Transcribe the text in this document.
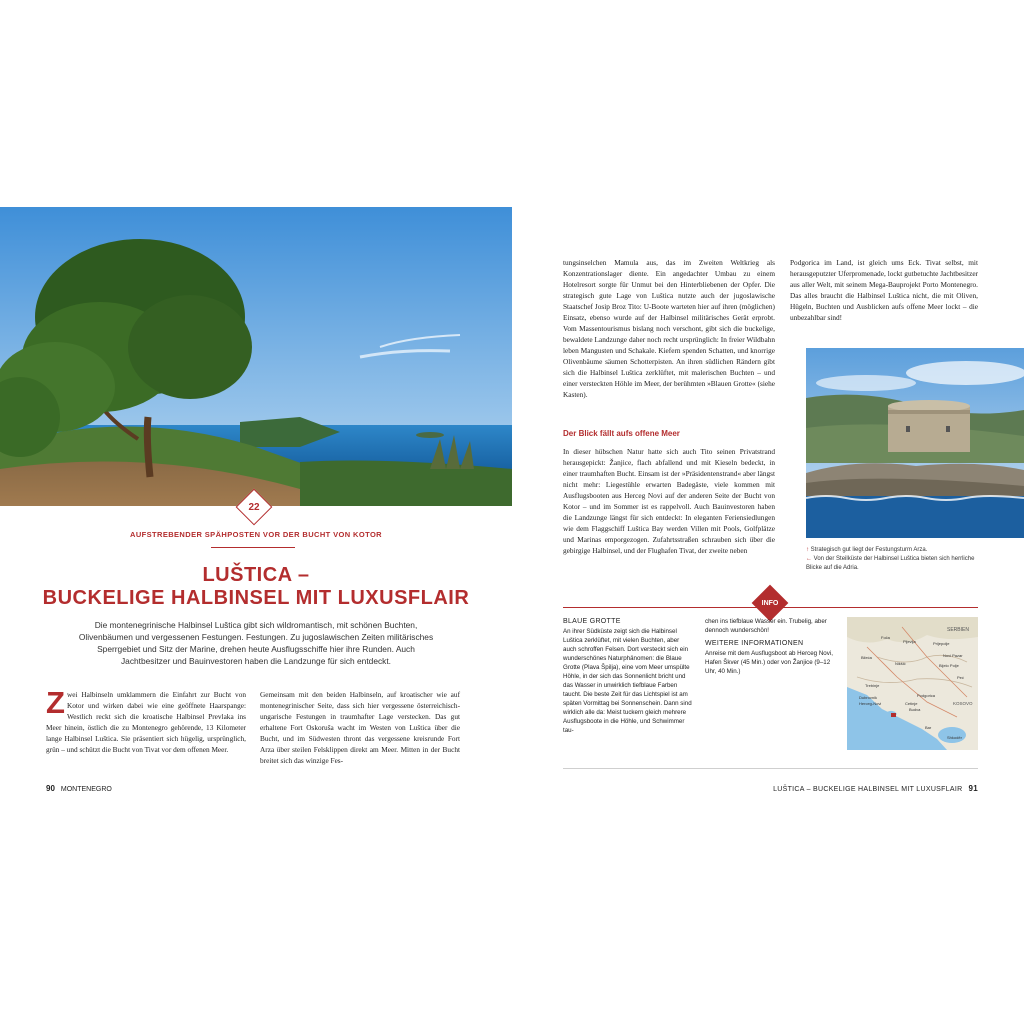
22
AUFSTREBENDER SPÄHPOSTEN VOR DER BUCHT VON KOTOR
LUŠTICA –
BUCKELIGE HALBINSEL MIT LUXUSFLAIR
Die montenegrinische Halbinsel Luštica gibt sich wildromantisch, mit schönen Buchten, Olivenbäumen und vergessenen Festungen. Festungen. Zu jugoslawischen Zeiten militärisches Sperrgebiet und Sitz der Marine, drehen heute Ausflugsschiffe hier ihre Runden. Auch Jachtbesitzer und Bauinvestoren haben die Landzunge für sich entdeckt.
Z wei Halbinseln umklammern die Einfahrt zur Bucht von Kotor und wirken dabei wie eine geöffnete Haarspange: Westlich reckt sich die kroatische Halbinsel Prevlaka ins Meer hinein, östlich die zu Montenegro gehörende, 13 Kilometer lange Halbinsel Luštica. Sie präsentiert sich hügelig, ursprünglich, grün – und schützt die Bucht von Tivat vor dem offenen Meer.
Gemeinsam mit den beiden Halbinseln, auf kroatischer wie auf montenegrinischer Seite, dass sich hier vergessene österreichisch-ungarische Festungen in traumhafter Lage verstecken. Das gut erhaltene Fort Oskoruša wacht im Westen von Luštica über die Bucht, und im Südwesten thront das vergessene kreisrunde Fort Arza über steilen Felsklippen direkt am Meer. Mitten in der Bucht breitet sich das winzige Fes-
90 MONTENEGRO
tungsinselchen Mamula aus, das im Zweiten Weltkrieg als Konzentrationslager diente. Ein angedachter Umbau zu einem Hotelresort sorgte für Unmut bei den Hinterbliebenen der Opfer. Die strategisch gute Lage von Luštica nutzte auch der jugoslawische Staatschef Josip Broz Tito: U-Boote warteten hier auf ihren (möglichen) Einsatz, ebenso wurde auf der Halbinsel militärisches Gerät erprobt. Vom Massentourismus bislang noch verschont, gibt sich die buckelige, bewaldete Landzunge daher noch recht ursprünglich: In freier Wildbahn leben Mangusten und Schakale. Kiefern spenden Schatten, und knorrige Olivenbäume säumen Schotterpisten. An ihren südlichen Rändern gibt sich die Halbinsel Luštica zerklüftet, mit malerischen Buchten – und einer versteckten Höhle im Meer, der berühmten »Blauen Grotte« (siehe Kasten).
Der Blick fällt aufs offene Meer
In dieser hübschen Natur hatte sich auch Tito seinen Privatstrand herausgepickt: Žanjice, flach abfallend und mit Kieseln bedeckt, in einer traumhaften Bucht. Einsam ist der »Präsidentenstrand« aber längst nicht mehr: Liegestühle erwarten Badegäste, viele kommen mit Ausflugsbooten aus Herceg Novi auf der anderen Seite der Bucht von Kotor – und im Sommer ist es rappelvoll. Auch Bauinvestoren haben die Landzunge längst für sich entdeckt: In eleganten Feriensiedlungen wie dem Flaggschiff Luštica Bay werden Villen mit Pools, Golfplätze und Marinas emporgezogen. Zufahrtsstraßen schrauben sich über die gebirgige Halbinsel, und der Flughafen Tivat, der zweite neben
Podgorica im Land, ist gleich ums Eck. Tivat selbst, mit herausgeputzter Uferpromenade, lockt gutbetuchte Jachtbesitzer aus aller Welt, mit seinem Mega-Bauprojekt Porto Montenegro. Das alles braucht die Halbinsel Luštica nicht, die mit Oliven, Hügeln, Buchten und Ausblicken aufs offene Meer lockt – die unbezahlbar sind!
↑ Strategisch gut liegt der Festungsturm Arza.
← Von der Steilküste der Halbinsel Luštica bieten sich herrliche Blicke auf die Adria.
INFO
BLAUE GROTTE
An ihrer Südküste zeigt sich die Halbinsel Luštica zerklüftet, mit vielen Buchten, aber auch schroffen Felsen. Dort versteckt sich ein wunderschönes Naturphänomen: die Blaue Grotte (Plava Špilja), eine vom Meer umspülte Höhle, in der sich das Sonnenlicht bricht und das Wasser in unwirklich tiefblaue Farben taucht. Die beste Zeit für das Lichtspiel ist am späten Vormittag bei Sonnenschein. Dann sind wirklich alle da: Meist tuckern gleich mehrere Ausflugsboote in die Höhle, und Schwimmer tau-
chen ins tiefblaue Wasser ein. Trubelig, aber dennoch wunderschön!
WEITERE INFORMATIONEN
Anreise mit dem Ausflugsboot ab Herceg Novi, Hafen Škver (45 Min.) oder von Žanjice (9–12 Uhr, 40 Min.)
SERBIEN
Foča
Pljevlja	Prijepolje
Bileća
Nikšić
Novi Pazar
Bijelo Polje
Trebinje
Peć
Dubrovnik
Herceg-Novi
Podgorica
Cetinje
Budva
Bar
Shkodër
KOSOVO
LUŠTICA – BUCKELIGE HALBINSEL MIT LUXUSFLAIR 91
